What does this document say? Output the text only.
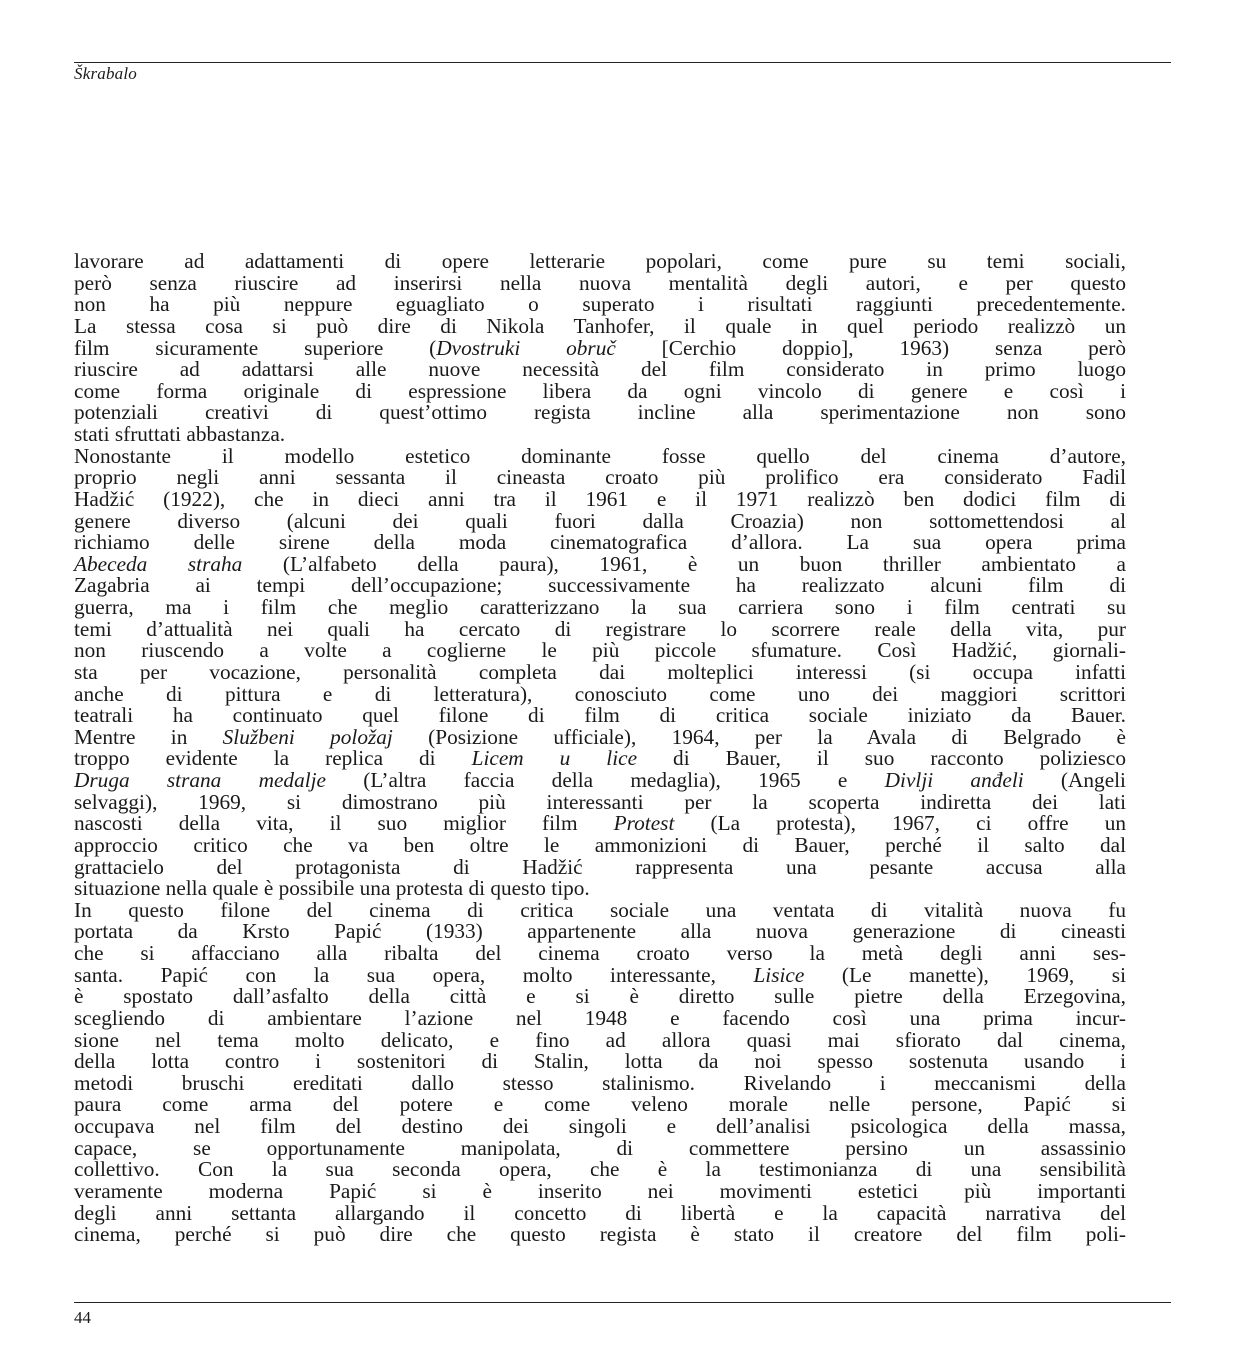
Škrabalo
lavorare ad adattamenti di opere letterarie popolari, come pure su temi sociali,
però senza riuscire ad inserirsi nella nuova mentalità degli autori, e per questo
non ha più neppure eguagliato o superato i risultati raggiunti precedentemente.
La stessa cosa si può dire di Nikola Tanhofer, il quale in quel periodo realizzò un
film sicuramente superiore (Dvostruki obruč [Cerchio doppio], 1963) senza però
riuscire ad adattarsi alle nuove necessità del film considerato in primo luogo
come forma originale di espressione libera da ogni vincolo di genere e così i
potenziali creativi di quest’ottimo regista incline alla sperimentazione non sono
stati sfruttati abbastanza.
Nonostante il modello estetico dominante fosse quello del cinema d’autore,
proprio negli anni sessanta il cineasta croato più prolifico era considerato Fadil
Hadžić (1922), che in dieci anni tra il 1961 e il 1971 realizzò ben dodici film di
genere diverso (alcuni dei quali fuori dalla Croazia) non sottomettendosi al
richiamo delle sirene della moda cinematografica d’allora. La sua opera prima
Abeceda straha (L’alfabeto della paura), 1961, è un buon thriller ambientato a
Zagabria ai tempi dell’occupazione; successivamente ha realizzato alcuni film di
guerra, ma i film che meglio caratterizzano la sua carriera sono i film centrati su
temi d’attualità nei quali ha cercato di registrare lo scorrere reale della vita, pur
non riuscendo a volte a coglierne le più piccole sfumature. Così Hadžić, giornali-
sta per vocazione, personalità completa dai molteplici interessi (si occupa infatti
anche di pittura e di letteratura), conosciuto come uno dei maggiori scrittori
teatrali ha continuato quel filone di film di critica sociale iniziato da Bauer.
Mentre in Službeni položaj (Posizione ufficiale), 1964, per la Avala di Belgrado è
troppo evidente la replica di Licem u lice di Bauer, il suo racconto poliziesco
Druga strana medalje (L’altra faccia della medaglia), 1965 e Divlji anđeli (Angeli
selvaggi), 1969, si dimostrano più interessanti per la scoperta indiretta dei lati
nascosti della vita, il suo miglior film Protest (La protesta), 1967, ci offre un
approccio critico che va ben oltre le ammonizioni di Bauer, perché il salto dal
grattacielo del protagonista di Hadžić rappresenta una pesante accusa alla
situazione nella quale è possibile una protesta di questo tipo.
In questo filone del cinema di critica sociale una ventata di vitalità nuova fu
portata da Krsto Papić (1933) appartenente alla nuova generazione di cineasti
che si affacciano alla ribalta del cinema croato verso la metà degli anni ses-
santa. Papić con la sua opera, molto interessante, Lisice (Le manette), 1969, si
è spostato dall’asfalto della città e si è diretto sulle pietre della Erzegovina,
scegliendo di ambientare l’azione nel 1948 e facendo così una prima incur-
sione nel tema molto delicato, e fino ad allora quasi mai sfiorato dal cinema,
della lotta contro i sostenitori di Stalin, lotta da noi spesso sostenuta usando i
metodi bruschi ereditati dallo stesso stalinismo. Rivelando i meccanismi della
paura come arma del potere e come veleno morale nelle persone, Papić si
occupava nel film del destino dei singoli e dell’analisi psicologica della massa,
capace, se opportunamente manipolata, di commettere persino un assassinio
collettivo. Con la sua seconda opera, che è la testimonianza di una sensibilità
veramente moderna Papić si è inserito nei movimenti estetici più importanti
degli anni settanta allargando il concetto di libertà e la capacità narrativa del
cinema, perché si può dire che questo regista è stato il creatore del film poli-
44
